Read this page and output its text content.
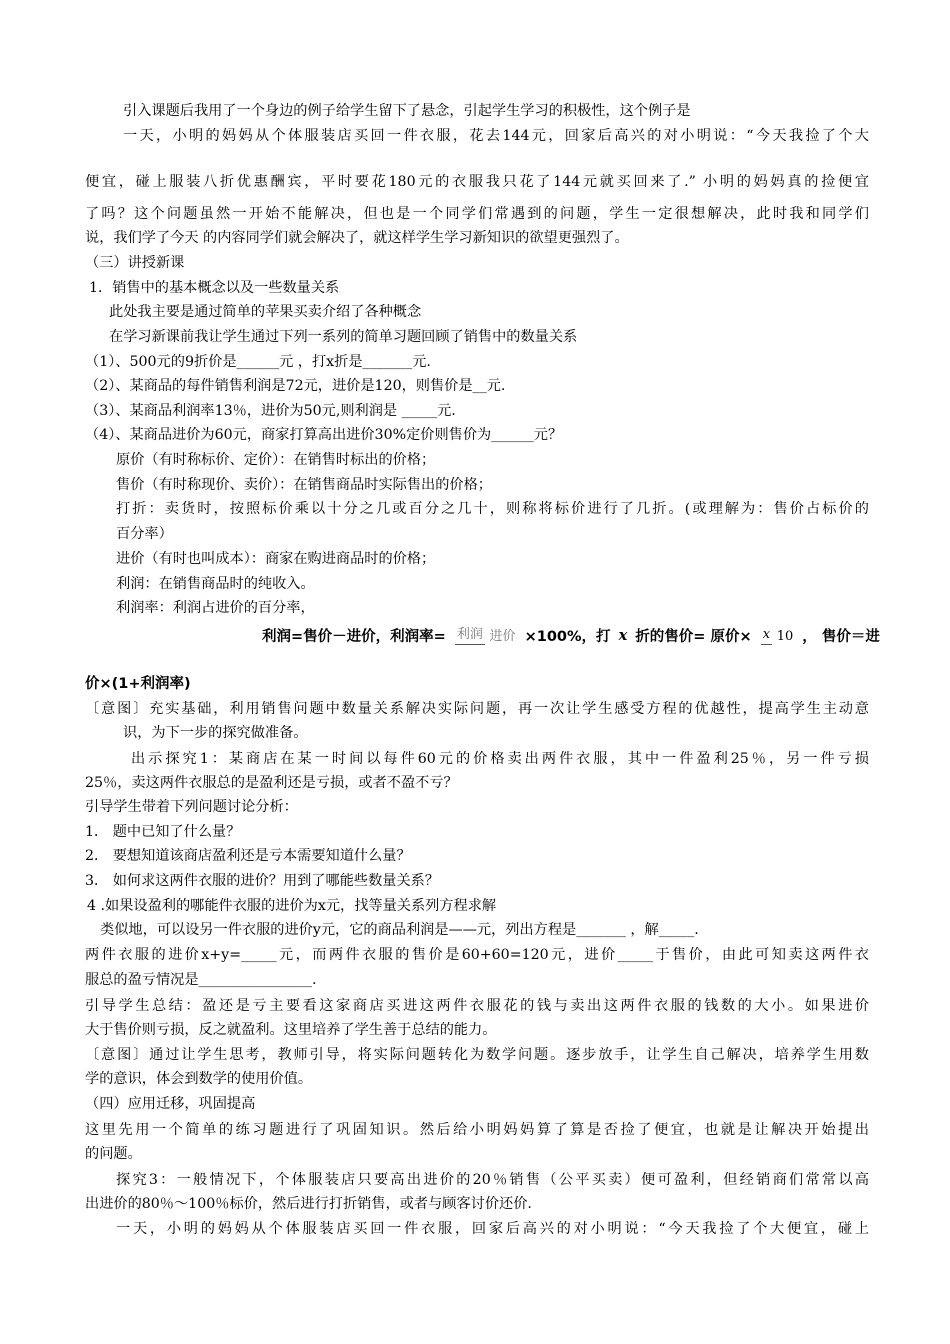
引入课题后我用了一个身边的例子给学生留下了悬念，引起学生学习的积极性，这个例子是
一天，小明的妈妈从个体服装店买回一件衣服，花去144元，回家后高兴的对小明说：“今天我捡了个大
便宜，碰上服装八折优惠酬宾，平时要花180元的衣服我只花了144元就买回来了.” 小明的妈妈真的捡便宜
了吗？这个问题虽然一开始不能解决，但也是一个同学们常遇到的问题，学生一定很想解决，此时我和同学们
说，我们学了今天 的内容同学们就会解决了，就这样学生学习新知识的欲望更强烈了。
（三）讲授新课
1．销售中的基本概念以及一些数量关系
此处我主要是通过简单的苹果买卖介绍了各种概念
在学习新课前我让学生通过下列一系列的简单习题回顾了销售中的数量关系
（1）、500元的9折价是______元 ，打x折是_______元.
（2）、某商品的每件销售利润是72元，进价是120，则售价是__元.
（3）、某商品利润率13％，进价为50元,则利润是 _____元.
（4）、某商品进价为60元，商家打算高出进价30%定价则售价为______元？
原价（有时称标价、定价）：在销售时标出的价格；
售价（有时称现价、卖价）：在销售商品时实际售出的价格；
打折：卖货时，按照标价乘以十分之几或百分之几十，则称将标价进行了几折。(或理解为：售价占标价的
百分率）
进价（有时也叫成本）：商家在购进商品时的价格；
利润：在销售商品时的纯收入。
利润率：利润占进价的百分率，
利润=售价－进价，利润率= 利润 进价 ×100%，打 x 折的售价= 原价× x 10 ， 售价＝进
价×(1+利润率)
〔意图〕充实基础，利用销售问题中数量关系解决实际问题，再一次让学生感受方程的优越性，提高学生主动意
识，为下一步的探究做准备。
出示探究1：某商店在某一时间以每件60元的价格卖出两件衣服，其中一件盈利25％，另一件亏损
25％，卖这两件衣服总的是盈利还是亏损，或者不盈不亏？
引导学生带着下列问题讨论分析：
1． 题中已知了什么量？
2． 要想知道该商店盈利还是亏本需要知道什么量？
3． 如何求这两件衣服的进价？用到了哪能些数量关系？
4 .如果设盈利的哪能件衣服的进价为x元，找等量关系列方程求解
类似地，可以设另一件衣服的进价y元，它的商品利润是——元，列出方程是_______ ，解_____.
两件衣服的进价x+y=_____元，而两件衣服的售价是60+60=120元，进价_____于售价，由此可知卖这两件衣
服总的盈亏情况是________________.
引导学生总结：盈还是亏主要看这家商店买进这两件衣服花的钱与卖出这两件衣服的钱数的大小。如果进价
大于售价则亏损，反之就盈利。这里培养了学生善于总结的能力。
〔意图〕通过让学生思考，教师引导，将实际问题转化为数学问题。逐步放手，让学生自己解决，培养学生用数
学的意识，体会到数学的使用价值。
（四）应用迁移，巩固提高
这里先用一个简单的练习题进行了巩固知识。然后给小明妈妈算了算是否捡了便宜，也就是让解决开始提出
的问题。
探究3：一般情况下，个体服装店只要高出进价的20％销售（公平买卖）便可盈利，但经销商们常常以高
出进价的80％～100％标价，然后进行打折销售，或者与顾客讨价还价.
一天，小明的妈妈从个体服装店买回一件衣服，回家后高兴的对小明说：“今天我捡了个大便宜，碰上
